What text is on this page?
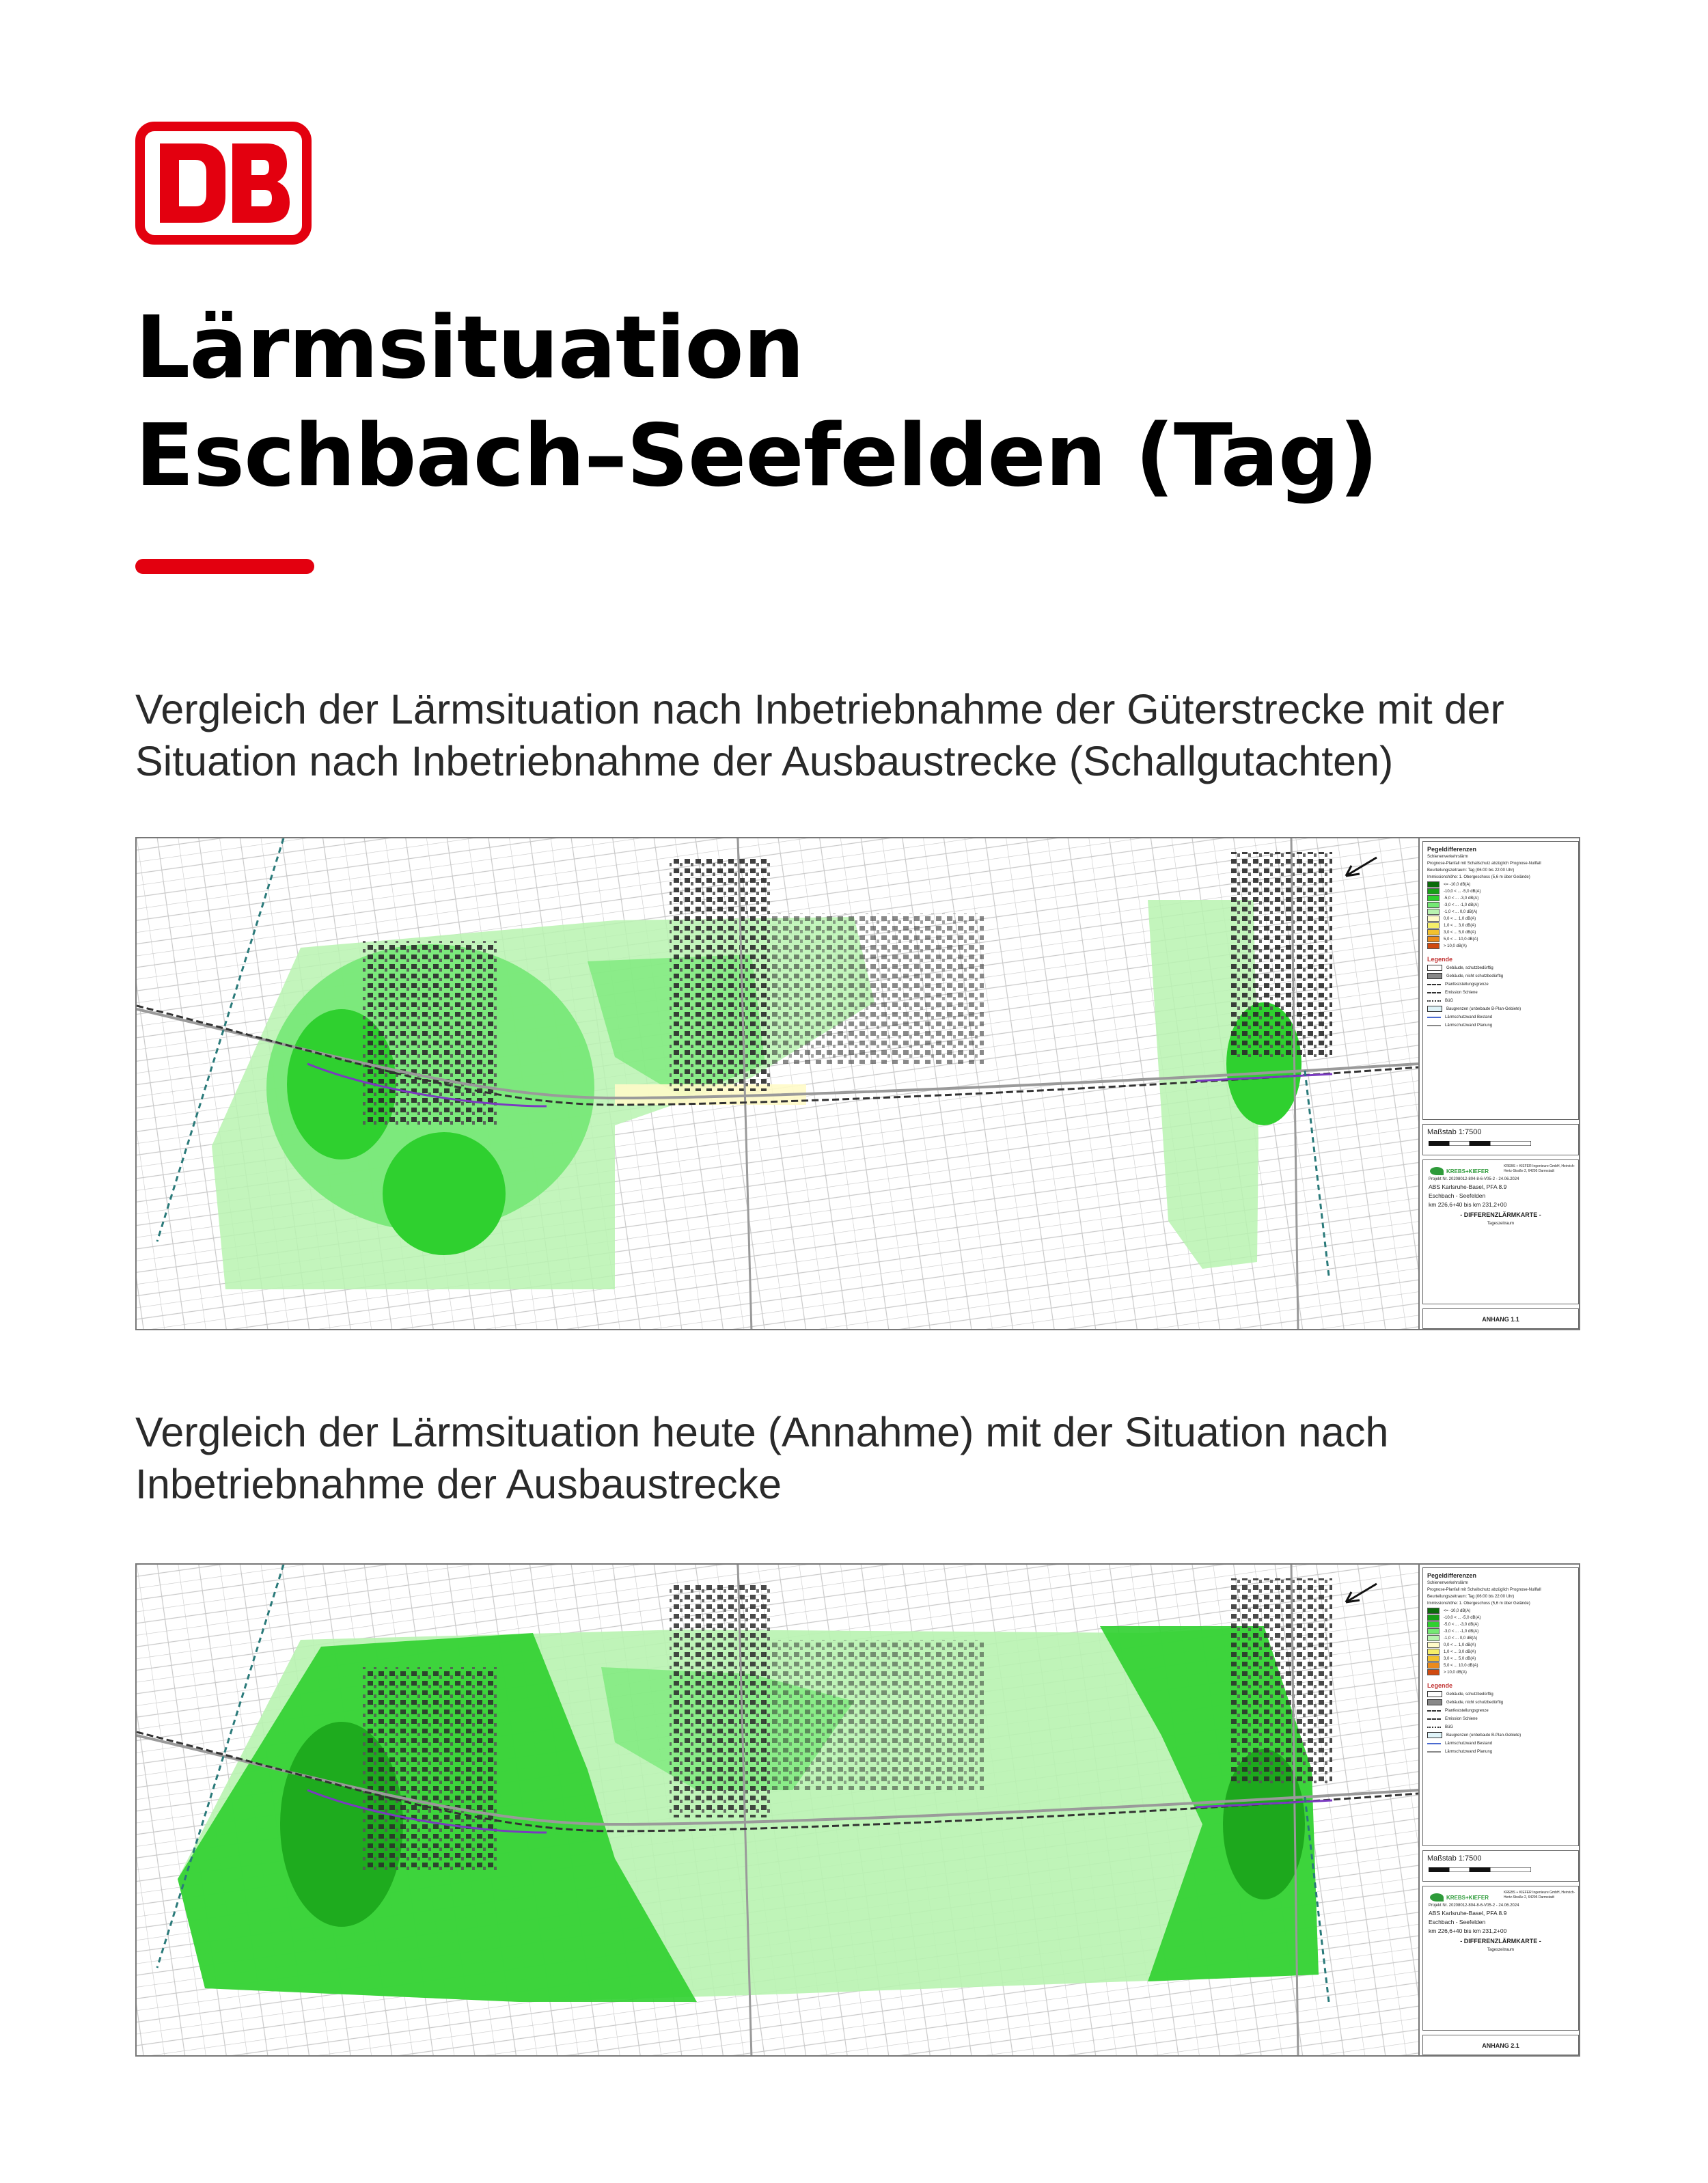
Lärmsituation
Eschbach–Seefelden (Tag)

Vergleich der Lärmsituation nach Inbetriebnahme der Güterstrecke mit der
Situation nach Inbetriebnahme der Ausbaustrecke (Schallgutachten)

Pegeldifferenzen
Schienenverkehrslärm
Prognose-Planfall mit Schallschutz abzüglich Prognose-Nullfall
Beurteilungszeitraum: Tag (06:00 bis 22:00 Uhr)
Immissionshöhe: 1. Obergeschoss (5,6 m über Gelände)
<= -10,0 dB(A)
-10,0 < ... -5,0 dB(A)
-5,0 < ... -3,0 dB(A)
-3,0 < ... -1,0 dB(A)
-1,0 < ... 0,0 dB(A)
0,0 < ... 1,0 dB(A)
1,0 < ... 3,0 dB(A)
3,0 < ... 5,0 dB(A)
5,0 < ... 10,0 dB(A)
> 10,0 dB(A)
Legende
Gebäude, schutzbedürftig
Gebäude, nicht schutzbedürftig
Planfeststellungsgrenze
Emission Schiene
BüG
Baugrenzen (unbebaute B-Plan-Gebiete)
Lärmschutzwand Bestand
Lärmschutzwand Planung
Maßstab 1:7500
KREBS+KIEFER
KREBS + KIEFER Ingenieure GmbH, Heinrich-Hertz-Straße 2, 64295 Darmstadt
Projekt Nr. 20208012-804-8-6-V05-2 - 24.06.2024
ABS Karlsruhe-Basel, PFA 8.9
Eschbach - Seefelden
km 226,6+40 bis km 231,2+00
- DIFFERENZLÄRMKARTE -
Tageszeitraum
ANHANG 1.1

Vergleich der Lärmsituation heute (Annahme) mit der Situation nach
Inbetriebnahme der Ausbaustrecke

Pegeldifferenzen
Schienenverkehrslärm
Prognose-Planfall mit Schallschutz abzüglich Prognose-Nullfall
Beurteilungszeitraum: Tag (06:00 bis 22:00 Uhr)
Immissionshöhe: 1. Obergeschoss (5,6 m über Gelände)
<= -10,0 dB(A)
-10,0 < ... -5,0 dB(A)
-5,0 < ... -3,0 dB(A)
-3,0 < ... -1,0 dB(A)
-1,0 < ... 0,0 dB(A)
0,0 < ... 1,0 dB(A)
1,0 < ... 3,0 dB(A)
3,0 < ... 5,0 dB(A)
5,0 < ... 10,0 dB(A)
> 10,0 dB(A)
Legende
Gebäude, schutzbedürftig
Gebäude, nicht schutzbedürftig
Planfeststellungsgrenze
Emission Schiene
BüG
Baugrenzen (unbebaute B-Plan-Gebiete)
Lärmschutzwand Bestand
Lärmschutzwand Planung
Maßstab 1:7500
KREBS+KIEFER
KREBS + KIEFER Ingenieure GmbH, Heinrich-Hertz-Straße 2, 64295 Darmstadt
Projekt Nr. 20208012-804-8-6-V05-2 - 24.06.2024
ABS Karlsruhe-Basel, PFA 8.9
Eschbach - Seefelden
km 226,6+40 bis km 231,2+00
- DIFFERENZLÄRMKARTE -
Tageszeitraum
ANHANG 2.1
